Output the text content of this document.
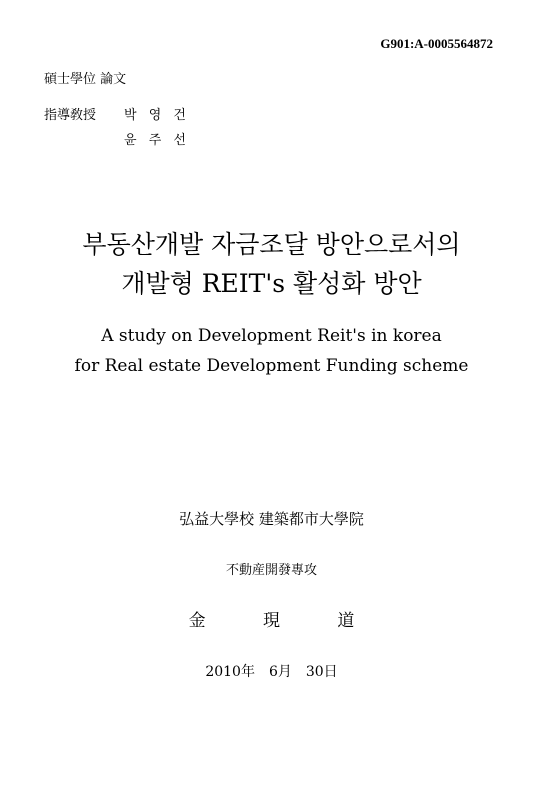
G901:A-0005564872
碩士學位 論文
指導敎授 박 영 건
윤 주 선
부동산개발 자금조달 방안으로서의
개발형 REIT's 활성화 방안
A study on Development Reit's in korea
for Real estate Development Funding scheme
弘益大學校 建築都市大學院
不動産開發專攻
金 現 道
2010年　6月　30日
